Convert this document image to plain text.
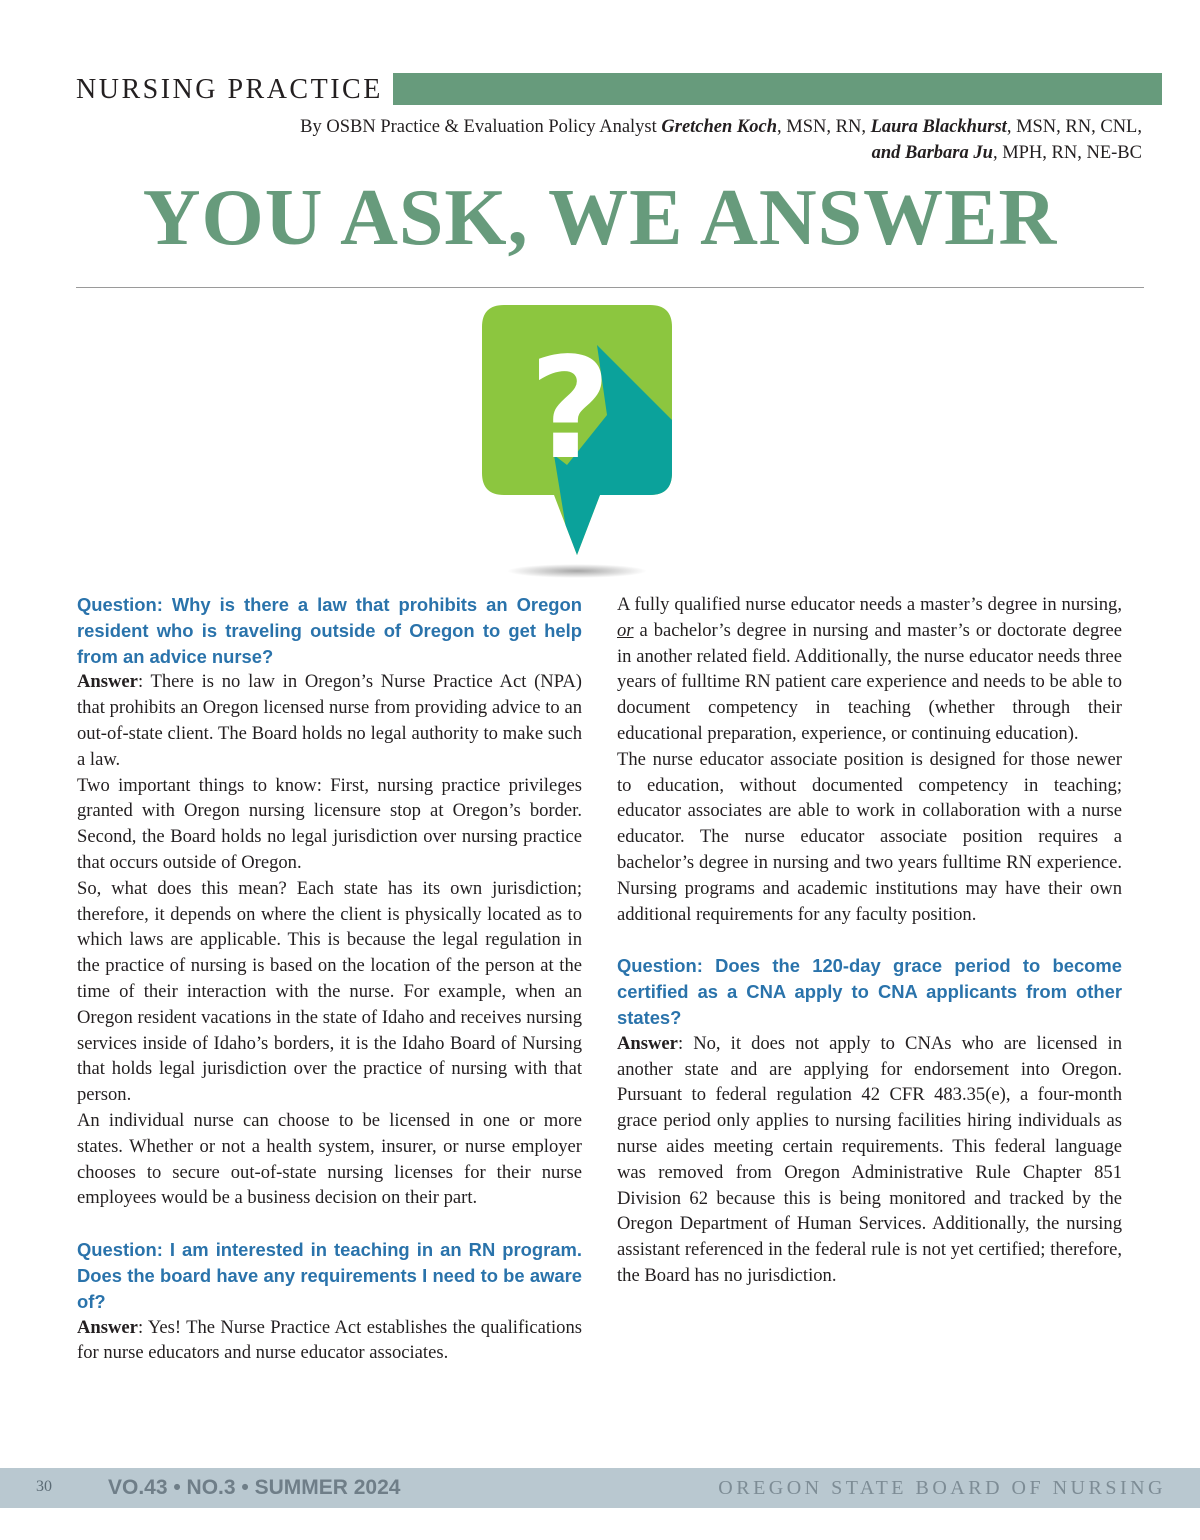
NURSING PRACTICE
By OSBN Practice & Evaluation Policy Analyst Gretchen Koch, MSN, RN, Laura Blackhurst, MSN, RN, CNL,
and Barbara Ju, MPH, RN, NE-BC
YOU ASK, WE ANSWER
?

Question: Why is there a law that prohibits an Oregon resident who is traveling outside of Oregon to get help from an advice nurse?

Answer: There is no law in Oregon’s Nurse Practice Act (NPA) that prohibits an Oregon licensed nurse from providing advice to an out-of-state client. The Board holds no legal authority to make such a law.

Two important things to know: First, nursing practice privileges granted with Oregon nursing licensure stop at Oregon’s border. Second, the Board holds no legal jurisdiction over nursing practice that occurs outside of Oregon.

So, what does this mean? Each state has its own jurisdiction; therefore, it depends on where the client is physically located as to which laws are applicable. This is because the legal regulation in the practice of nursing is based on the location of the person at the time of their interaction with the nurse. For example, when an Oregon resident vacations in the state of Idaho and receives nursing services inside of Idaho’s borders, it is the Idaho Board of Nursing that holds legal jurisdiction over the practice of nursing with that person.

An individual nurse can choose to be licensed in one or more states. Whether or not a health system, insurer, or nurse employer chooses to secure out-of-state nursing licenses for their nurse employees would be a business decision on their part.

Question: I am interested in teaching in an RN program. Does the board have any requirements I need to be aware of?

Answer: Yes! The Nurse Practice Act establishes the qualifications for nurse educators and nurse educator associates.

A fully qualified nurse educator needs a master’s degree in nursing, or a bachelor’s degree in nursing and master’s or doctorate degree in another related field. Additionally, the nurse educator needs three years of fulltime RN patient care experience and needs to be able to document competency in teaching (whether through their educational preparation, experience, or continuing education).

The nurse educator associate position is designed for those newer to education, without documented competency in teaching; educator associates are able to work in collaboration with a nurse educator. The nurse educator associate position requires a bachelor’s degree in nursing and two years fulltime RN experience. Nursing programs and academic institutions may have their own additional requirements for any faculty position.

Question: Does the 120-day grace period to become certified as a CNA apply to CNA applicants from other states?

Answer: No, it does not apply to CNAs who are licensed in another state and are applying for endorsement into Oregon. Pursuant to federal regulation 42 CFR 483.35(e), a four-month grace period only applies to nursing facilities hiring individuals as nurse aides meeting certain requirements. This federal language was removed from Oregon Administrative Rule Chapter 851 Division 62 because this is being monitored and tracked by the Oregon Department of Human Services. Additionally, the nursing assistant referenced in the federal rule is not yet certified; therefore, the Board has no jurisdiction.

30	VO.43 • NO.3 • SUMMER 2024	OREGON STATE BOARD OF NURSING
